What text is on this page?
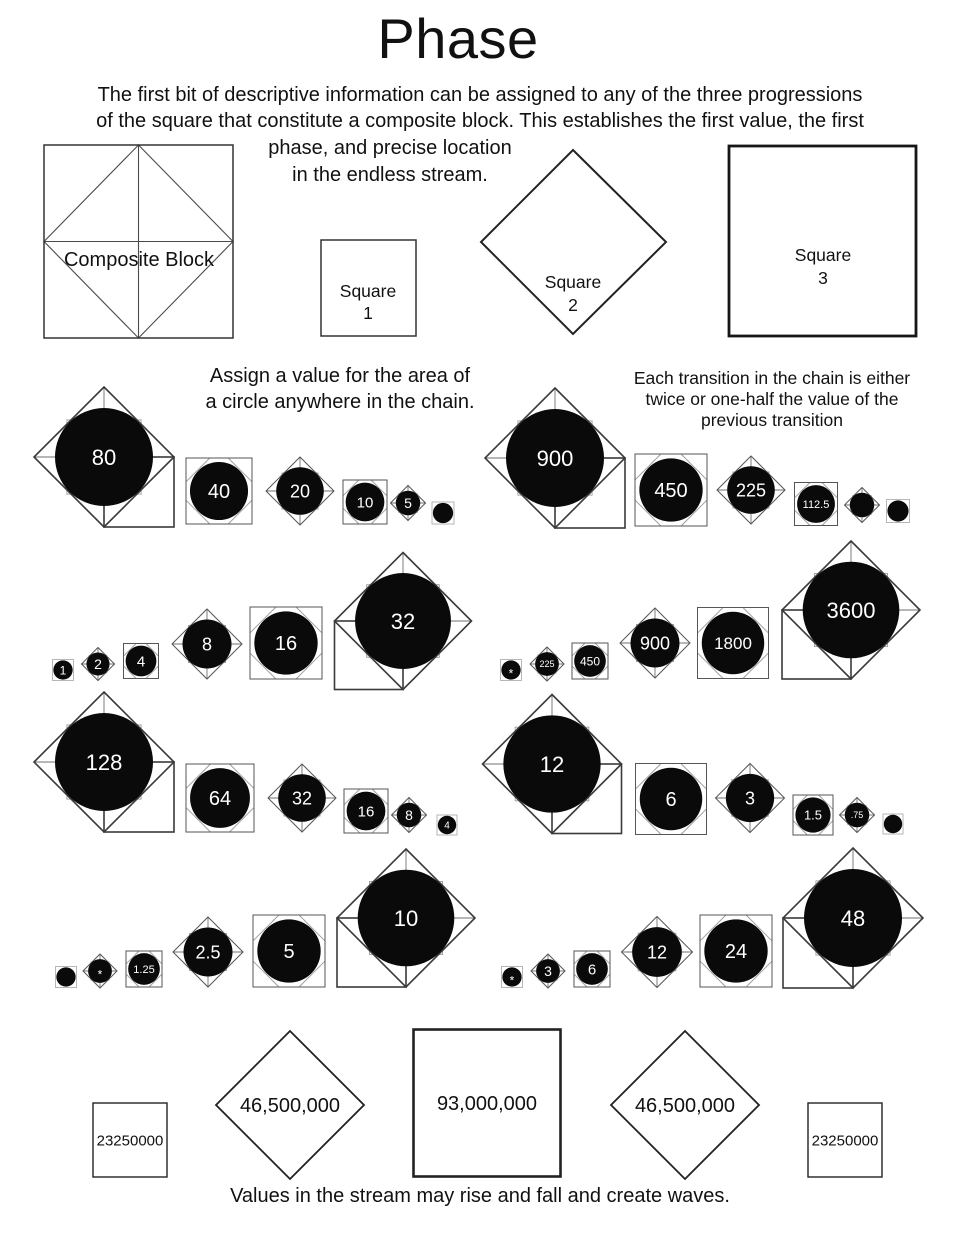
Composite Block
Square
1
Square
2
Square
3
80
40	20
10 5
900
450	225
112.5
1 2 4
8	16
32
*
225 450
900	1800
3600
128
64	32
16 8
4
12
6	3
1.5	.75
*	1.25
2.5	5
10
*
3 6
12	24
48
23250000
46,500,000	93,000,000	46,500,000
23250000
Phase
The first bit of descriptive information can be assigned to any of the three progressions
of the square that constitute a composite block. This establishes the first value, the first
phase, and precise location
in the endless stream.
Assign a value for the area of
a circle anywhere in the chain.
Each transition in the chain is either
twice or one-half the value of the
previous transition
Values in the stream may rise and fall and create waves.
